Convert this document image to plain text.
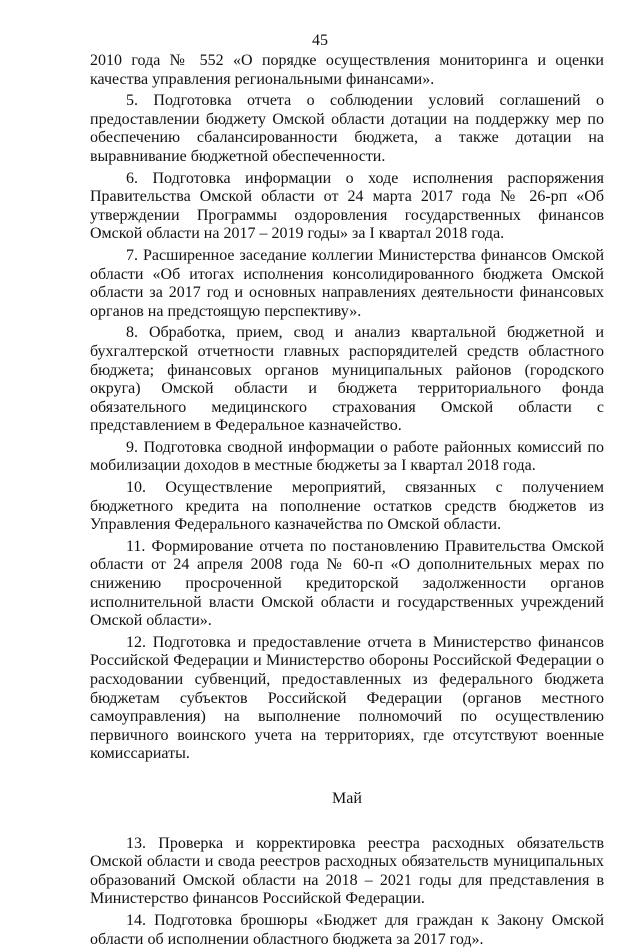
45

2010 года № 552 «О порядке осуществления мониторинга и оценки качества управления региональными финансами».

5. Подготовка отчета о соблюдении условий соглашений о предоставлении бюджету Омской области дотации на поддержку мер по обеспечению сбалансированности бюджета, а также дотации на выравнивание бюджетной обеспеченности.

6. Подготовка информации о ходе исполнения распоряжения Правительства Омской области от 24 марта 2017 года № 26-рп «Об утверждении Программы оздоровления государственных финансов Омской области на 2017 – 2019 годы» за I квартал 2018 года.

7. Расширенное заседание коллегии Министерства финансов Омской области «Об итогах исполнения консолидированного бюджета Омской области за 2017 год и основных направлениях деятельности финансовых органов на предстоящую перспективу».

8. Обработка, прием, свод и анализ квартальной бюджетной и бухгалтерской отчетности главных распорядителей средств областного бюджета; финансовых органов муниципальных районов (городского округа) Омской области и бюджета территориального фонда обязательного медицинского страхования Омской области с представлением в Федеральное казначейство.

9. Подготовка сводной информации о работе районных комиссий по мобилизации доходов в местные бюджеты за I квартал 2018 года.

10. Осуществление мероприятий, связанных с получением бюджетного кредита на пополнение остатков средств бюджетов из Управления Федерального казначейства по Омской области.

11. Формирование отчета по постановлению Правительства Омской области от 24 апреля 2008 года № 60-п «О дополнительных мерах по снижению просроченной кредиторской задолженности органов исполнительной власти Омской области и государственных учреждений Омской области».

12. Подготовка и предоставление отчета в Министерство финансов Российской Федерации и Министерство обороны Российской Федерации о расходовании субвенций, предоставленных из федерального бюджета бюджетам субъектов Российской Федерации (органов местного самоуправления) на выполнение полномочий по осуществлению первичного воинского учета на территориях, где отсутствуют военные комиссариаты.

Май

13. Проверка и корректировка реестра расходных обязательств Омской области и свода реестров расходных обязательств муниципальных образований Омской области на 2018 – 2021 годы для представления в Министерство финансов Российской Федерации.

14. Подготовка брошюры «Бюджет для граждан к Закону Омской области об исполнении областного бюджета за 2017 год».
